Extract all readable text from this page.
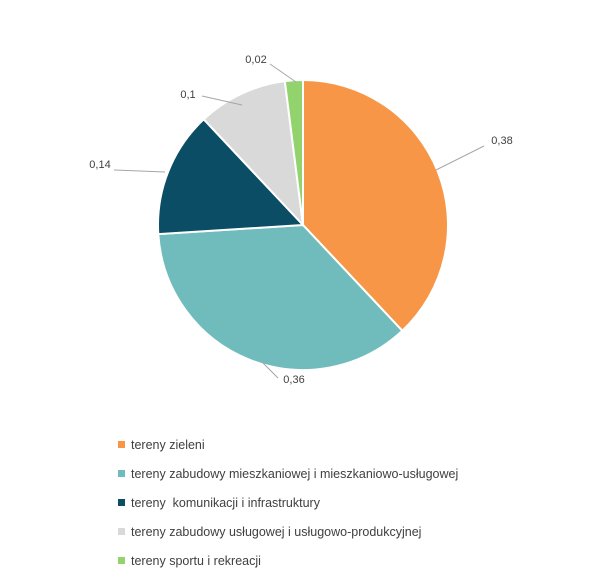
0,38
0,36
0,14
0,1
0,02
tereny zieleni
tereny zabudowy mieszkaniowej i mieszkaniowo-usługowej
tereny  komunikacji i infrastruktury
tereny zabudowy usługowej i usługowo-produkcyjnej
tereny sportu i rekreacji
